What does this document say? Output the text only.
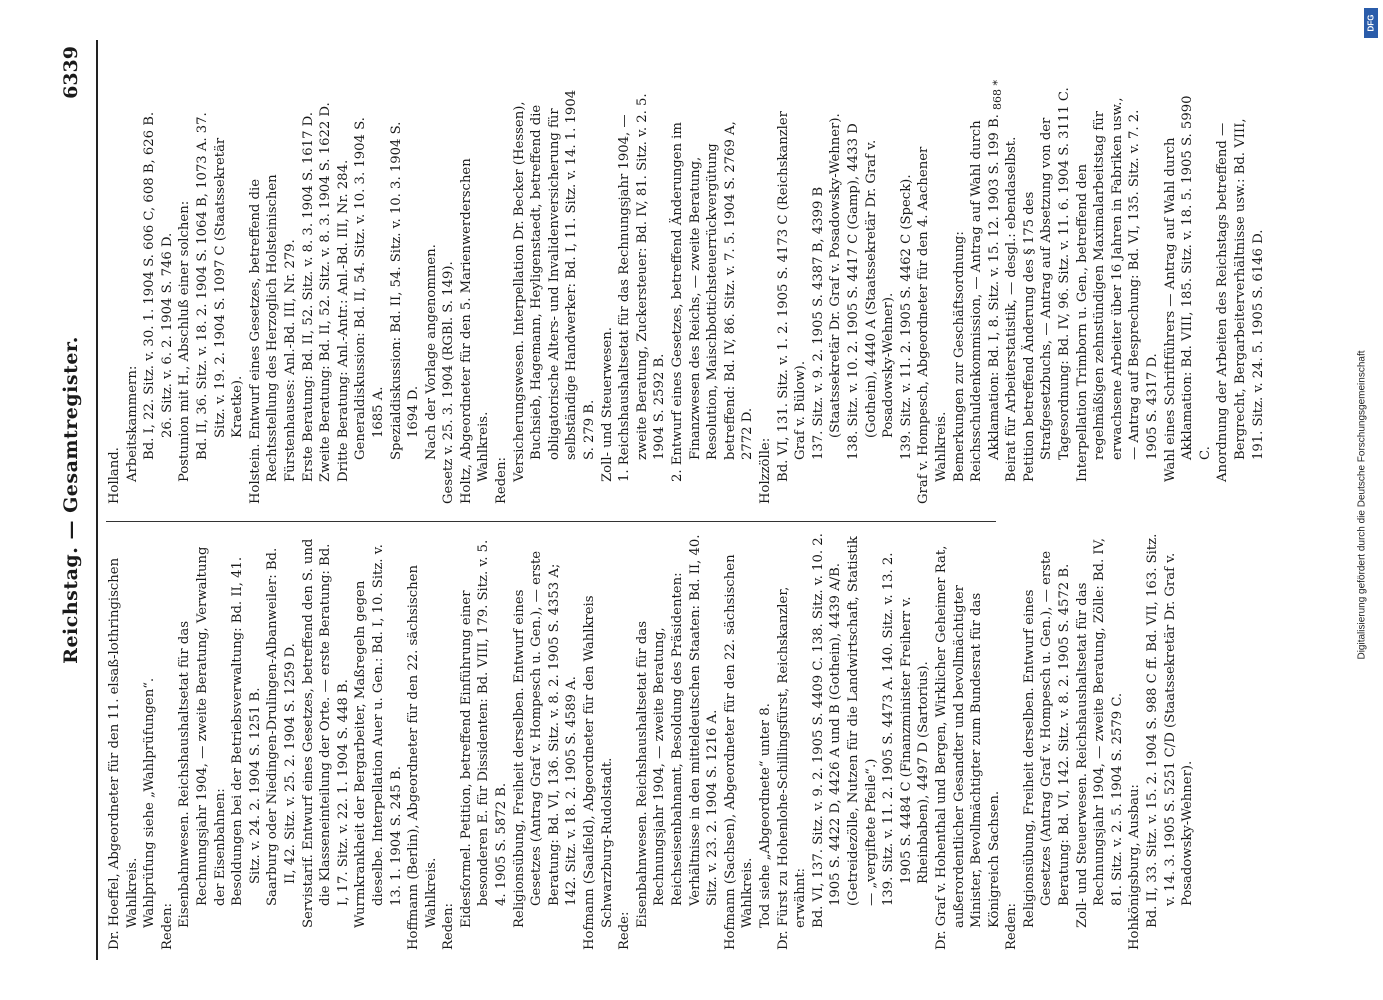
Reichstag. — Gesamtregister.
6339

Dr. Hoeffel, Abgeordneter für den 11. elsaß-lothringischen Wahlkreis. Wahlprüfung siehe „Wahlprüfungen“. Reden: Eisenbahnwesen. Reichshaushaltsetat für das Rechnungsjahr 1904, — zweite Beratung, Verwaltung der Eisenbahnen: Besoldungen bei der Betriebsverwaltung: Bd. II, 41. Sitz. v. 24. 2. 1904 S. 1251 B. Saarburg oder Niedingen-Drulingen-Albanweiler: Bd. II, 42. Sitz. v. 25. 2. 1904 S. 1259 D. Servistarif. Entwurf eines Gesetzes, betreffend den S. und die Klasseneinteilung der Orte. — erste Beratung: Bd. I, 17. Sitz. v. 22. 1. 1904 S. 448 B. Wurmkrankheit der Bergarbeiter, Maßregeln gegen dieselbe. Interpellation Auer u. Gen.: Bd. I, 10. Sitz. v. 13. 1. 1904 S. 245 B. Hoffmann (Berlin), Abgeordneter für den 22. sächsischen Wahlkreis. Reden: Eidesformel. Petition, betreffend Einführung einer besonderen E. für Dissidenten: Bd. VIII, 179. Sitz. v. 5. 4. 1905 S. 5872 B. Religionsübung, Freiheit derselben. Entwurf eines Gesetzes (Antrag Graf v. Hompesch u. Gen.), — erste Beratung: Bd. VI, 136. Sitz. v. 8. 2. 1905 S. 4353 A; 142. Sitz. v. 18. 2. 1905 S. 4589 A. Hofmann (Saalfeld), Abgeordneter für den Wahlkreis Schwarzburg-Rudolstadt.

Rede:

Eisenbahnwesen. Reichshaushaltsetat für das Rechnungsjahr 1904, — zweite Beratung, Reichseisenbahnamt, Besoldung des Präsidenten: Verhältnisse in den mitteldeutschen Staaten: Bd. II, 40. Sitz. v. 23. 2. 1904 S. 1216 A. Hofmann (Sachsen), Abgeordneter für den 22. sächsischen Wahlkreis. Tod siehe „Abgeordnete“ unter 8. Dr. Fürst zu Hohenlohe-Schillingsfürst, Reichskanzler, erwähnt: Bd. VI, 137. Sitz. v. 9. 2. 1905 S. 4409 C. 138. Sitz. v. 10. 2. 1905 S. 4422 D, 4426 A und B (Gothein), 4439 A/B. (Getreidezölle, Nutzen für die Landwirtschaft, Statistik — „vergiftete Pfeile“.) 139. Sitz. v. 11. 2. 1905 S. 4473 A. 140. Sitz. v. 13. 2. 1905 S. 4484 C (Finanzminister Freiherr v. Rheinbaben), 4497 D (Sartorius). Dr. Graf v. Hohenthal und Bergen, Wirklicher Geheimer Rat, außerordentlicher Gesandter und bevollmächtigter Minister, Bevollmächtigter zum Bundesrat für das Königreich Sachsen. Reden: Religionsübung, Freiheit derselben. Entwurf eines Gesetzes (Antrag Graf v. Hompesch u. Gen.), — erste Beratung: Bd. VI, 142. Sitz. v. 8. 2. 1905 S. 4572 B. Zoll- und Steuerwesen. Reichshaushaltsetat für das Rechnungsjahr 1904, — zweite Beratung, Zölle: Bd. IV, 81. Sitz. v. 2. 5. 1904 S. 2579 C. Hohkönigsburg, Ausbau: Bd. II, 33. Sitz. v. 15. 2. 1904 S. 988 C ff. Bd. VII, 163. Sitz. v. 14. 3. 1905 S. 5251 C/D (Staatssekretär Dr. Graf v. Posadowsky-Wehner).

Holland. Arbeitskammern: Bd. I, 22. Sitz. v. 30. 1. 1904 S. 606 C, 608 B, 626 B. 26. Sitz. v. 6. 2. 1904 S. 746 D. Postunion mit H., Abschluß einer solchen: Bd. II, 36. Sitz. v. 18. 2. 1904 S. 1064 B, 1073 A. 37. Sitz. v. 19. 2. 1904 S. 1097 C (Staatssekretär Kraetke). Holstein. Entwurf eines Gesetzes, betreffend die Rechtsstellung des Herzoglich Holsteinischen Fürstenhauses: Anl.-Bd. III, Nr. 279. Erste Beratung: Bd. II, 52. Sitz. v. 8. 3. 1904 S. 1617 D. Zweite Beratung: Bd. II, 52. Sitz. v. 8. 3. 1904 S. 1622 D. Dritte Beratung: Anl.-Antr.: Anl.-Bd. III, Nr. 284. Generaldiskussion: Bd. II, 54. Sitz. v. 10. 3. 1904 S. 1685 A. Spezialdiskussion: Bd. II, 54. Sitz. v. 10. 3. 1904 S. 1694 D. Nach der Vorlage angenommen. Gesetz v. 25. 3. 1904 (RGBl. S. 149). Holtz, Abgeordneter für den 5. Marienwerderschen Wahlkreis. Reden: Versicherungswesen. Interpellation Dr. Becker (Hessen), Buchsieb, Hagemann, Heyligenstaedt, betreffend die obligatorische Alters- und Invalidenversicherung für selbständige Handwerker: Bd. I, 11. Sitz. v. 14. 1. 1904 S. 279 B. Zoll- und Steuerwesen. 1. Reichshaushaltsetat für das Rechnungsjahr 1904, — zweite Beratung, Zuckersteuer: Bd. IV, 81. Sitz. v. 2. 5. 1904 S. 2592 B. 2. Entwurf eines Gesetzes, betreffend Änderungen im Finanzwesen des Reichs, — zweite Beratung, Resolution, Maischbottichsteuerrückvergütung betreffend: Bd. IV, 86. Sitz. v. 7. 5. 1904 S. 2769 A, 2772 D.

Holzzölle: Bd. VI, 131. Sitz. v. 1. 2. 1905 S. 4173 C (Reichskanzler Graf v. Bülow). 137. Sitz. v. 9. 2. 1905 S. 4387 B, 4399 B (Staatssekretär Dr. Graf v. Posadowsky-Wehner). 138. Sitz. v. 10. 2. 1905 S. 4417 C (Gamp), 4433 D (Gothein), 4440 A (Staatssekretär Dr. Graf v. Posadowsky-Wehner). 139. Sitz. v. 11. 2. 1905 S. 4462 C (Speck). Graf v. Hompesch, Abgeordneter für den 4. Aachener Wahlkreis. Bemerkungen zur Geschäftsordnung: Reichsschuldenkommission, — Antrag auf Wahl durch Akklamation: Bd. I, 8. Sitz. v. 15. 12. 1903 S. 199 B. Beirat für Arbeiterstatistik, — desgl.: ebendaselbst. Petition betreffend Änderung des § 175 des Strafgesetzbuchs, — Antrag auf Absetzung von der Tagesordnung: Bd. IV, 96. Sitz. v. 11. 6. 1904 S. 3111 C. Interpellation Trimborn u. Gen., betreffend den regelmäßigen zehnstündigen Maximalarbeitstag für erwachsene Arbeiter über 16 Jahren in Fabriken usw., — Antrag auf Besprechung: Bd. VI, 135. Sitz. v. 7. 2. 1905 S. 4317 D. Wahl eines Schriftführers — Antrag auf Wahl durch Akklamation: Bd. VIII, 185. Sitz. v. 18. 5. 1905 S. 5990 C. Anordnung der Arbeiten des Reichstags betreffend — Bergrecht, Bergarbeiterverhältnisse usw.: Bd. VIII, 191. Sitz. v. 24. 5. 1905 S. 6146 D.

868 *
Digitalisierung gefördert durch die Deutsche Forschungsgemeinschaft
DFG
